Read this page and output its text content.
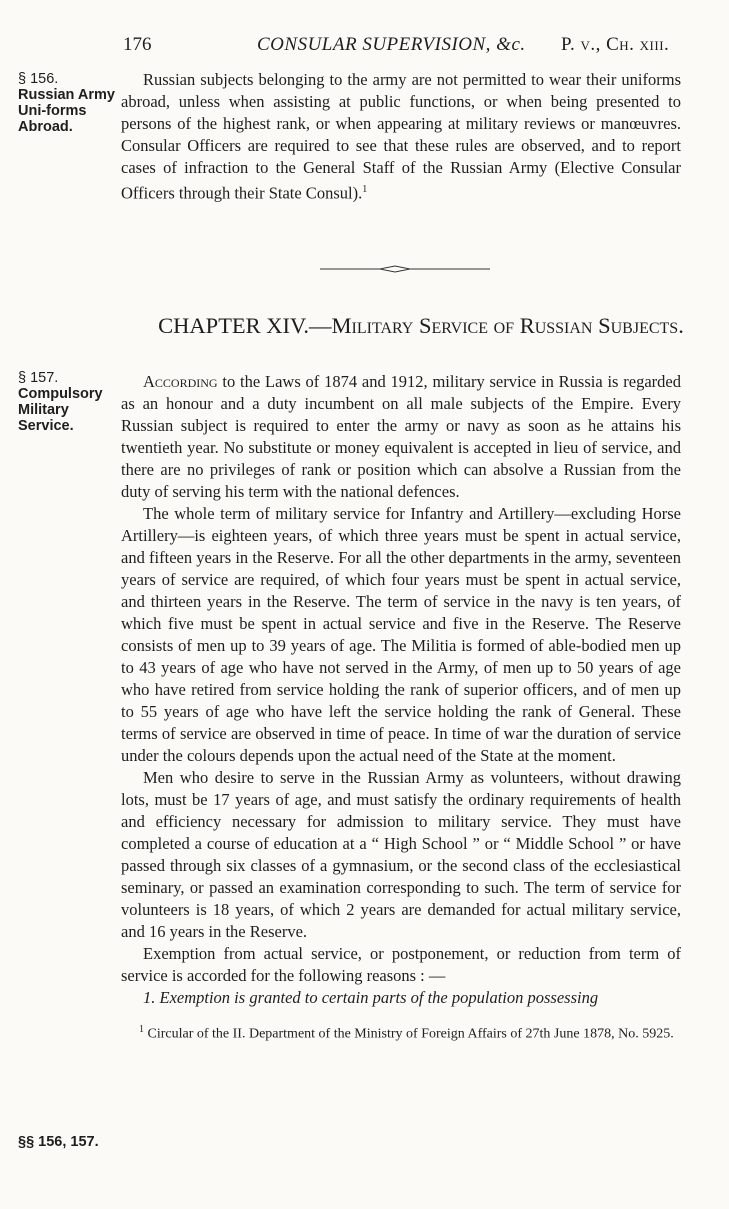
176	CONSULAR SUPERVISION, &c. P. v., Ch. xiii.
§ 156.
Russian Army Uni-forms Abroad.

Russian subjects belonging to the army are not permitted to wear their uniforms abroad, unless when assisting at public functions, or when being presented to persons of the highest rank, or when appearing at military reviews or manœuvres. Consular Officers are required to see that these rules are observed, and to report cases of infraction to the General Staff of the Russian Army (Elective Consular Officers through their State Consul).$^1$

CHAPTER XIV.—Military Service of Russian Subjects.
§ 157.
Compulsory Military Service.

According to the Laws of 1874 and 1912, military service in Russia is regarded as an honour and a duty incumbent on all male subjects of the Empire. Every Russian subject is required to enter the army or navy as soon as he attains his twentieth year. No substitute or money equivalent is accepted in lieu of service, and there are no privileges of rank or position which can absolve a Russian from the duty of serving his term with the national defences.

The whole term of military service for Infantry and Artillery—excluding Horse Artillery—is eighteen years, of which three years must be spent in actual service, and fifteen years in the Reserve. For all the other departments in the army, seventeen years of service are required, of which four years must be spent in actual service, and thirteen years in the Reserve. The term of service in the navy is ten years, of which five must be spent in actual service and five in the Reserve. The Reserve consists of men up to 39 years of age. The Militia is formed of able-bodied men up to 43 years of age who have not served in the Army, of men up to 50 years of age who have retired from service holding the rank of superior officers, and of men up to 55 years of age who have left the service holding the rank of General. These terms of service are observed in time of peace. In time of war the duration of service under the colours depends upon the actual need of the State at the moment.

Men who desire to serve in the Russian Army as volunteers, without drawing lots, must be 17 years of age, and must satisfy the ordinary requirements of health and efficiency necessary for admission to military service. They must have completed a course of education at a “ High School ” or “ Middle School ” or have passed through six classes of a gymnasium, or the second class of the ecclesiastical seminary, or passed an examination corresponding to such. The term of service for volunteers is 18 years, of which 2 years are demanded for actual military service, and 16 years in the Reserve.

Exemption from actual service, or postponement, or reduction from term of service is accorded for the following reasons : —

1. Exemption is granted to certain parts of the population possessing

$^1$ Circular of the II. Department of the Ministry of Foreign Affairs of 27th June 1878, No. 5925.
§§ 156, 157.
